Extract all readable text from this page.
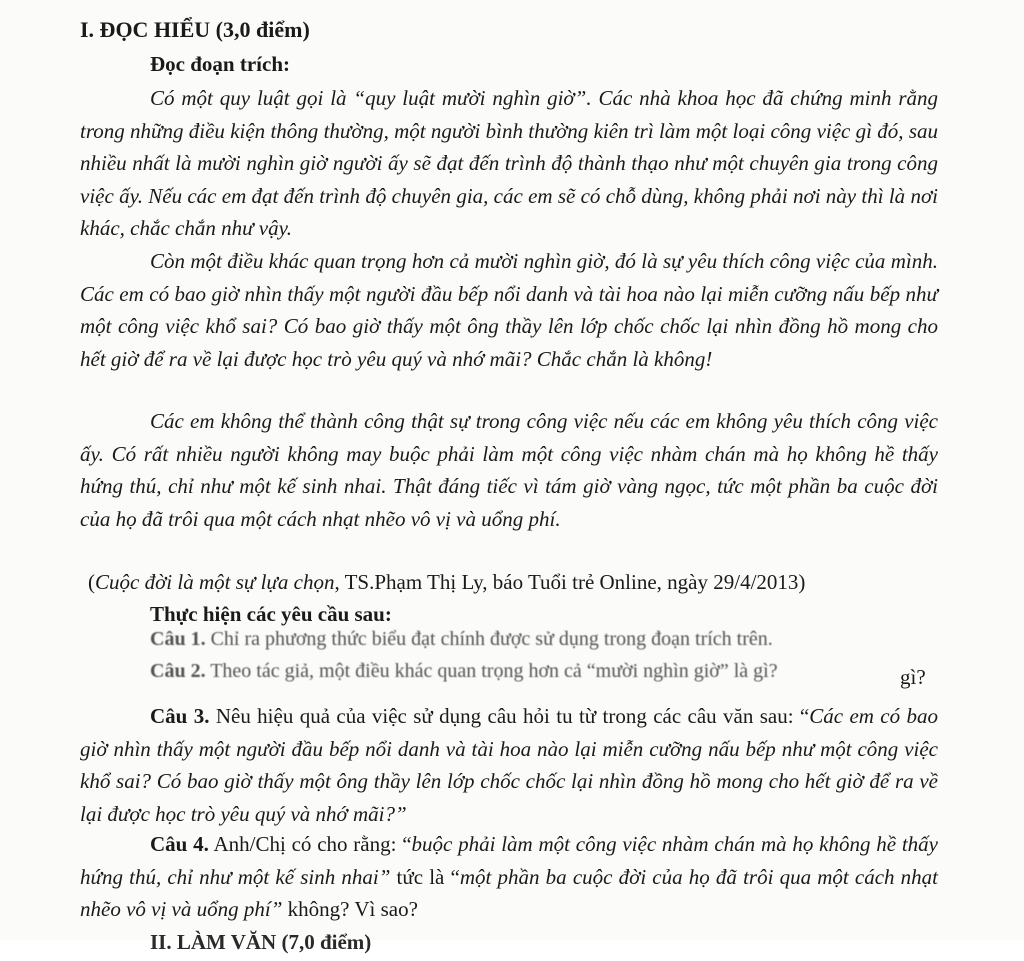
I. ĐỌC HIỂU (3,0 điểm)
Đọc đoạn trích:
Có một quy luật gọi là “quy luật mười nghìn giờ”. Các nhà khoa học đã chứng minh rằng trong những điều kiện thông thường, một người bình thường kiên trì làm một loại công việc gì đó, sau nhiều nhất là mười nghìn giờ người ấy sẽ đạt đến trình độ thành thạo như một chuyên gia trong công việc ấy. Nếu các em đạt đến trình độ chuyên gia, các em sẽ có chỗ dùng, không phải nơi này thì là nơi khác, chắc chắn như vậy.
Còn một điều khác quan trọng hơn cả mười nghìn giờ, đó là sự yêu thích công việc của mình. Các em có bao giờ nhìn thấy một người đầu bếp nổi danh và tài hoa nào lại miễn cưỡng nấu bếp như một công việc khổ sai? Có bao giờ thấy một ông thầy lên lớp chốc chốc lại nhìn đồng hồ mong cho hết giờ để ra về lại được học trò yêu quý và nhớ mãi? Chắc chắn là không!
Các em không thể thành công thật sự trong công việc nếu các em không yêu thích công việc ấy. Có rất nhiều người không may buộc phải làm một công việc nhàm chán mà họ không hề thấy hứng thú, chỉ như một kế sinh nhai. Thật đáng tiếc vì tám giờ vàng ngọc, tức một phần ba cuộc đời của họ đã trôi qua một cách nhạt nhẽo vô vị và uổng phí.
(Cuộc đời là một sự lựa chọn, TS.Phạm Thị Ly, báo Tuổi trẻ Online, ngày 29/4/2013)
Thực hiện các yêu cầu sau:
Câu 1. Chỉ ra phương thức biểu đạt chính được sử dụng trong đoạn trích trên.
Câu 2. Theo tác giả, một điều khác quan trọng hơn cả “mười nghìn giờ” là gì?	gì?
Câu 3. Nêu hiệu quả của việc sử dụng câu hỏi tu từ trong các câu văn sau: “Các em có bao giờ nhìn thấy một người đầu bếp nổi danh và tài hoa nào lại miễn cưỡng nấu bếp như một công việc khổ sai? Có bao giờ thấy một ông thầy lên lớp chốc chốc lại nhìn đồng hồ mong cho hết giờ để ra về lại được học trò yêu quý và nhớ mãi?”
Câu 4. Anh/Chị có cho rằng: “buộc phải làm một công việc nhàm chán mà họ không hề thấy hứng thú, chỉ như một kế sinh nhai” tức là “một phần ba cuộc đời của họ đã trôi qua một cách nhạt nhẽo vô vị và uổng phí” không? Vì sao?
II. LÀM VĂN (7,0 điểm)
